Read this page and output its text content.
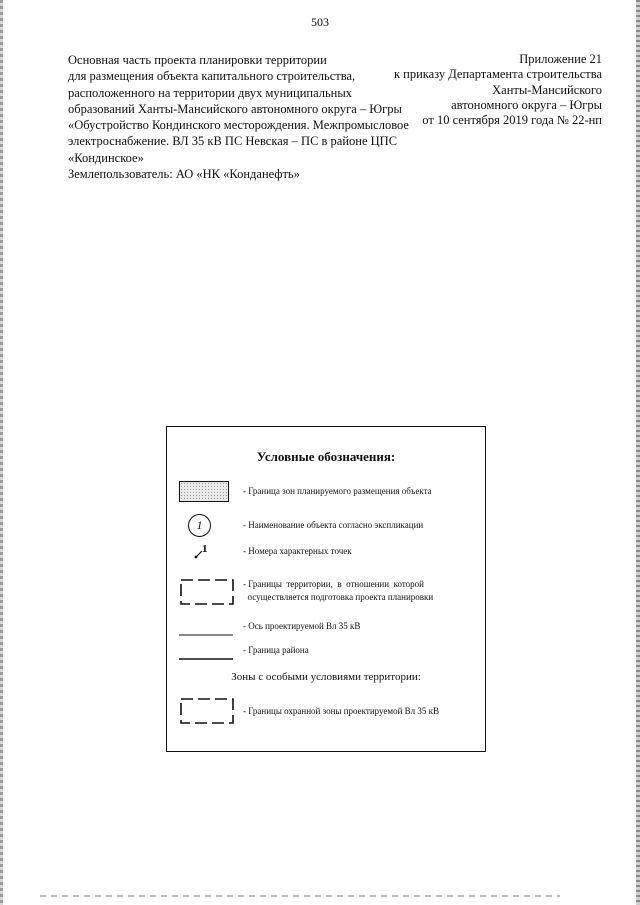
503
Основная часть проекта планировки территории
для размещения объекта капитального строительства,
расположенного на территории двух муниципальных
образований Ханты-Мансийского автономного округа – Югры
«Обустройство Кондинского месторождения. Межпромысловое
электроснабжение. ВЛ 35 кВ ПС Невская – ПС в районе ЦПС
«Кондинское»
Землепользователь: АО «НК «Конданефть»
Приложение 21
к приказу Департамента строительства
Ханты-Мансийского
автономного округа – Югры
от 10 сентября 2019 года № 22-нп
Условные обозначения:
- Граница зон планируемого размещения объекта
1	- Наименование объекта согласно экспликации
1	- Номера характерных точек
- Границы  территории,  в  отношении  которой
осуществляется подготовка проекта планировки
- Ось проектируемой Вл 35 кВ
- Граница района
Зоны с особыми условиями территории:
- Границы охранной зоны проектируемой Вл 35 кВ
